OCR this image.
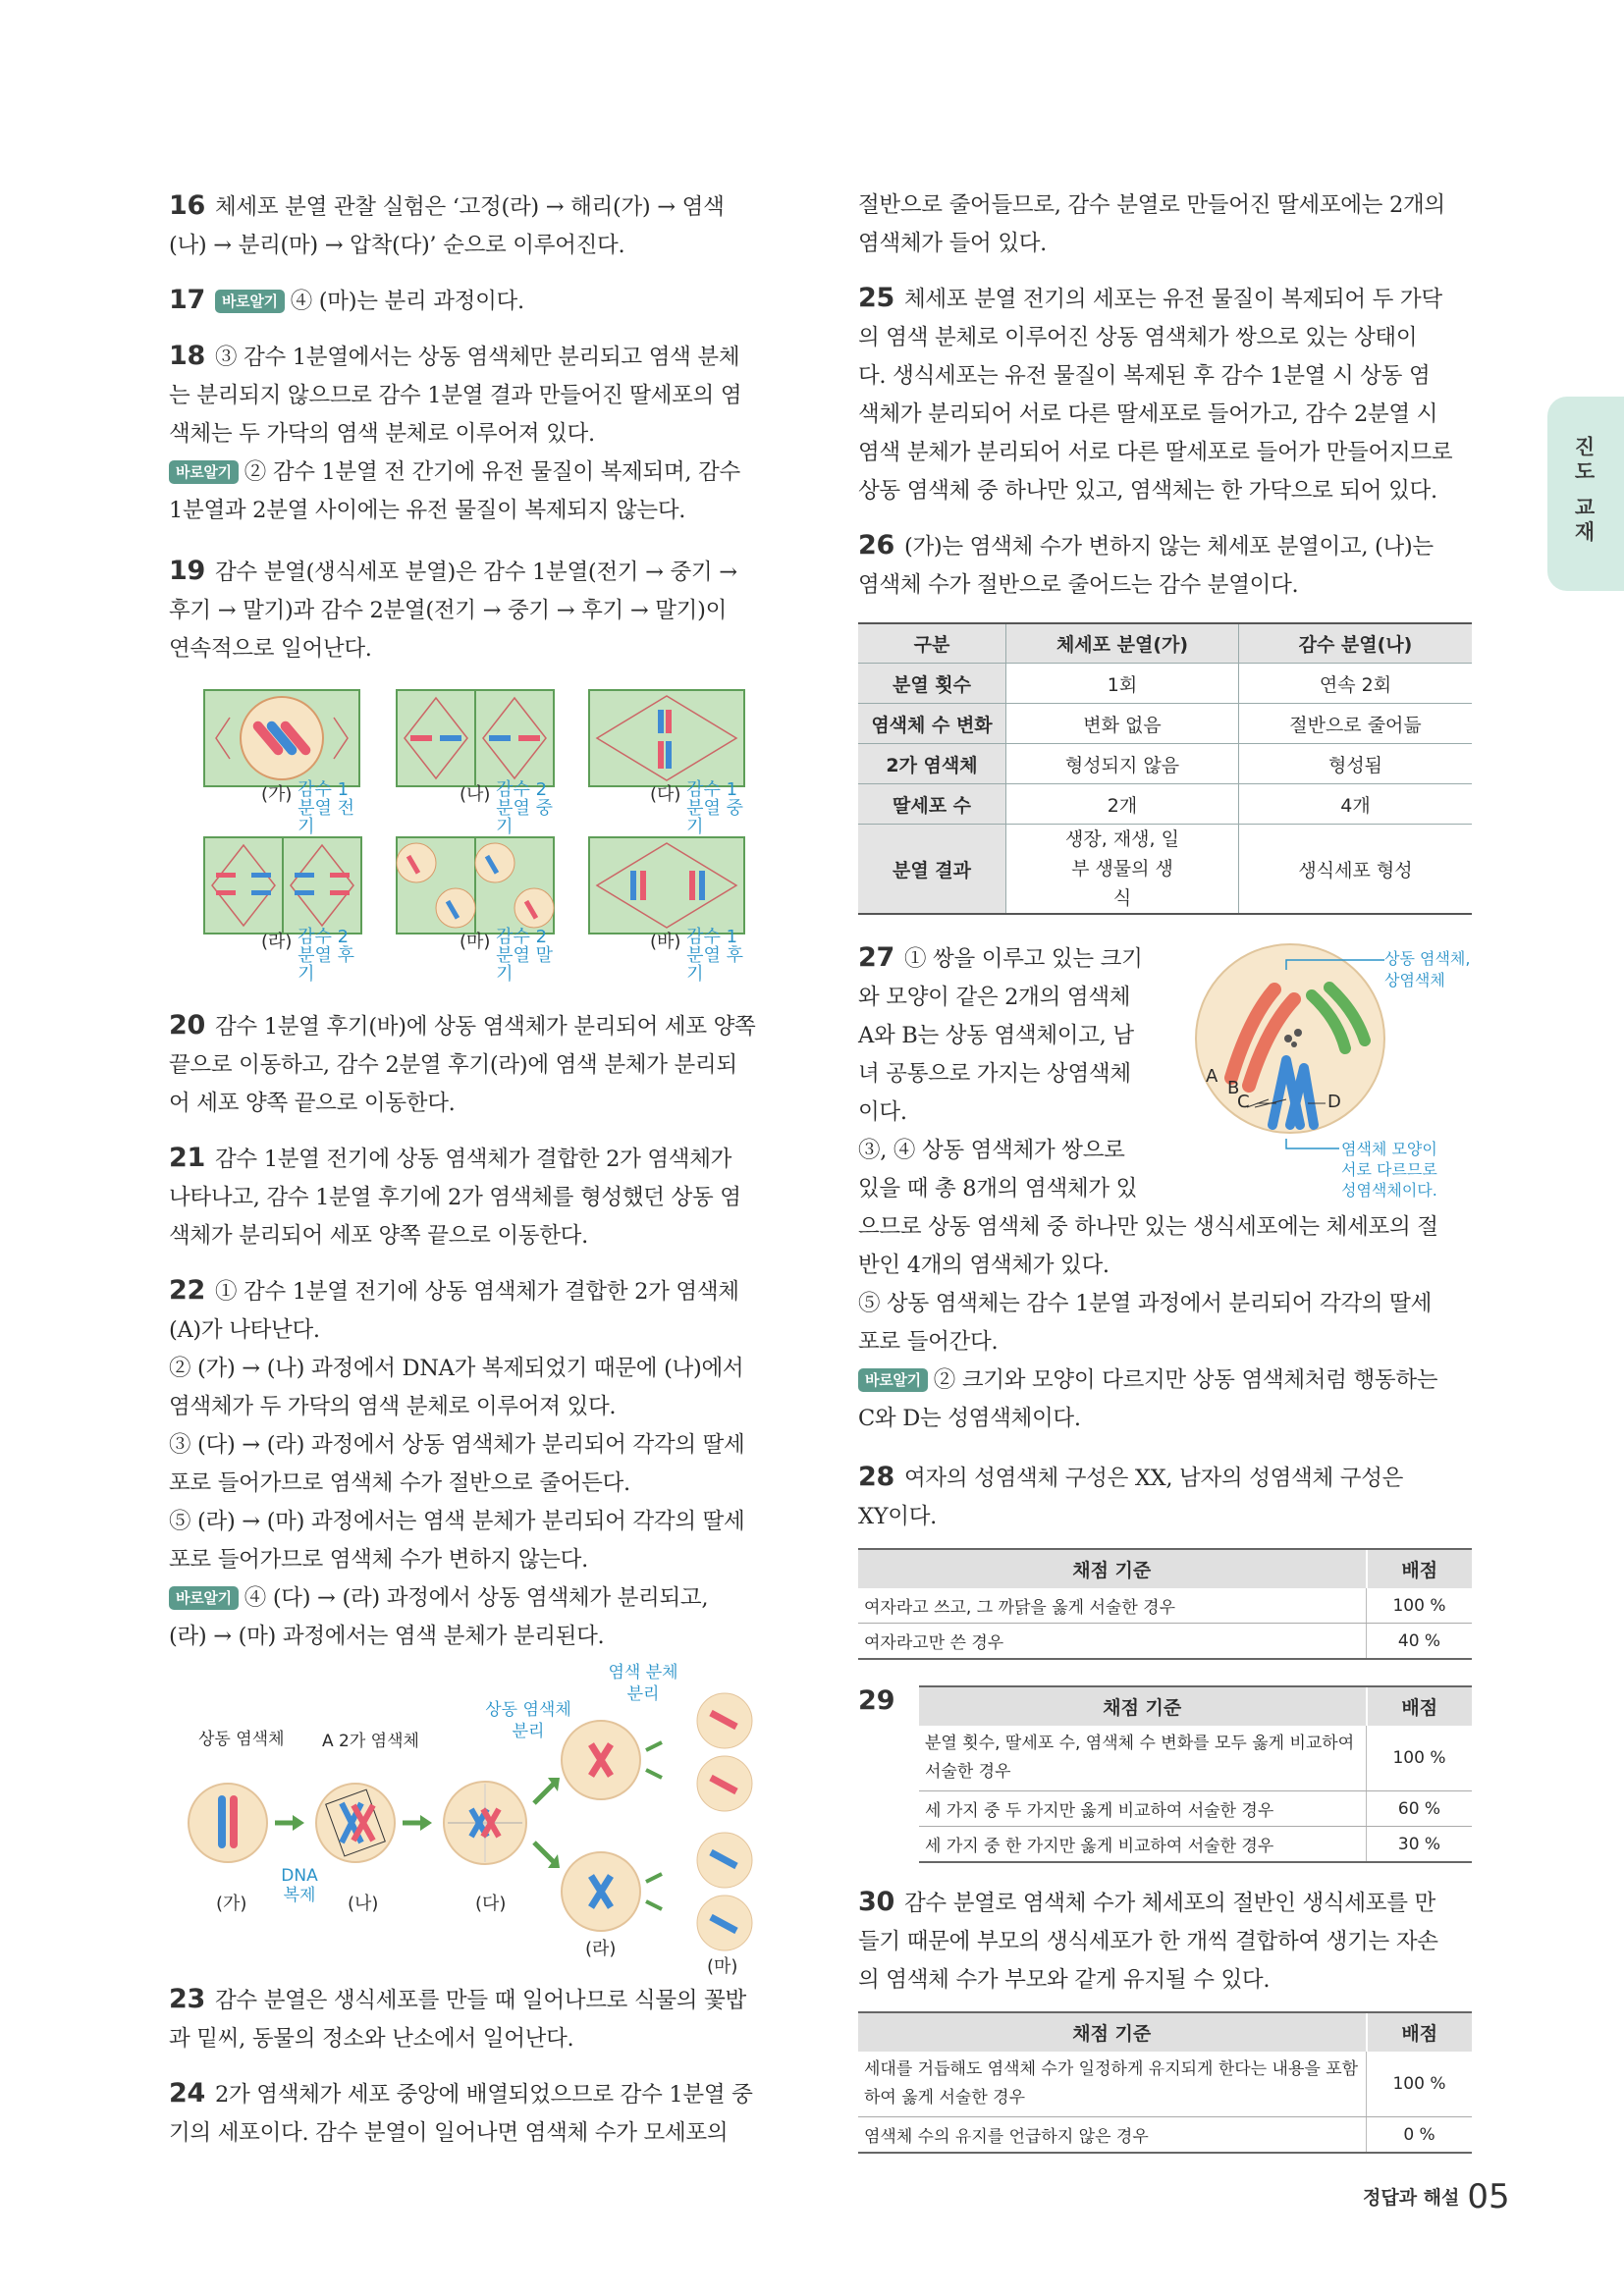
진도 교재

16 체세포 분열 관찰 실험은 ‘고정(라) → 해리(가) → 염색

(나) → 분리(마) → 압착(다)’ 순으로 이루어진다.

17 바로알기 ④ (마)는 분리 과정이다.

18 ③ 감수 1분열에서는 상동 염색체만 분리되고 염색 분체

는 분리되지 않으므로 감수 1분열 결과 만들어진 딸세포의 염

색체는 두 가닥의 염색 분체로 이루어져 있다.

바로알기 ② 감수 1분열 전 간기에 유전 물질이 복제되며, 감수

1분열과 2분열 사이에는 유전 물질이 복제되지 않는다.

19 감수 분열(생식세포 분열)은 감수 1분열(전기 → 중기 →

후기 → 말기)과 감수 2분열(전기 → 중기 → 후기 → 말기)이

연속적으로 일어난다.

(가) 감수 1분열 전기
(나) 감수 2분열 중기
(다) 감수 1분열 중기
(라) 감수 2분열 후기
(마) 감수 2분열 말기
(바) 감수 1분열 후기

20 감수 1분열 후기(바)에 상동 염색체가 분리되어 세포 양쪽

끝으로 이동하고, 감수 2분열 후기(라)에 염색 분체가 분리되

어 세포 양쪽 끝으로 이동한다.

21 감수 1분열 전기에 상동 염색체가 결합한 2가 염색체가

나타나고, 감수 1분열 후기에 2가 염색체를 형성했던 상동 염

색체가 분리되어 세포 양쪽 끝으로 이동한다.

22 ① 감수 1분열 전기에 상동 염색체가 결합한 2가 염색체

(A)가 나타난다.

② (가) → (나) 과정에서 DNA가 복제되었기 때문에 (나)에서

염색체가 두 가닥의 염색 분체로 이루어져 있다.

③ (다) → (라) 과정에서 상동 염색체가 분리되어 각각의 딸세

포로 들어가므로 염색체 수가 절반으로 줄어든다.

⑤ (라) → (마) 과정에서는 염색 분체가 분리되어 각각의 딸세

포로 들어가므로 염색체 수가 변하지 않는다.

바로알기 ④ (다) → (라) 과정에서 상동 염색체가 분리되고,

(라) → (마) 과정에서는 염색 분체가 분리된다.

상동 염색체 A 2가 염색체
DNA 복제
상동 염색체 분리
염색 분체 분리
(가)	(나)	(다)
(라)
(마)

23 감수 분열은 생식세포를 만들 때 일어나므로 식물의 꽃밥

과 밑씨, 동물의 정소와 난소에서 일어난다.

24 2가 염색체가 세포 중앙에 배열되었으므로 감수 1분열 중

기의 세포이다. 감수 분열이 일어나면 염색체 수가 모세포의

절반으로 줄어들므로, 감수 분열로 만들어진 딸세포에는 2개의

염색체가 들어 있다.

25 체세포 분열 전기의 세포는 유전 물질이 복제되어 두 가닥

의 염색 분체로 이루어진 상동 염색체가 쌍으로 있는 상태이

다. 생식세포는 유전 물질이 복제된 후 감수 1분열 시 상동 염

색체가 분리되어 서로 다른 딸세포로 들어가고, 감수 2분열 시

염색 분체가 분리되어 서로 다른 딸세포로 들어가 만들어지므로

상동 염색체 중 하나만 있고, 염색체는 한 가닥으로 되어 있다.

26 (가)는 염색체 수가 변하지 않는 체세포 분열이고, (나)는

염색체 수가 절반으로 줄어드는 감수 분열이다.

구분	체세포 분열(가)	감수 분열(나)
분열 횟수	1회	연속 2회
염색체 수 변화	변화 없음	절반으로 줄어듦
2가 염색체	형성되지 않음	형성됨
딸세포 수	2개	4개
분열 결과	생장, 재생, 일부 생물의 생식	생식세포 형성

27 ① 쌍을 이루고 있는 크기

와 모양이 같은 2개의 염색체

A와 B는 상동 염색체이고, 남

녀 공통으로 가지는 상염색체

이다.

③, ④ 상동 염색체가 쌍으로

있을 때 총 8개의 염색체가 있

으므로 상동 염색체 중 하나만 있는 생식세포에는 체세포의 절

반인 4개의 염색체가 있다.

⑤ 상동 염색체는 감수 1분열 과정에서 분리되어 각각의 딸세

포로 들어간다.

바로알기 ② 크기와 모양이 다르지만 상동 염색체처럼 행동하는

C와 D는 성염색체이다.

A
B
C	D
상동 염색체,
상염색체
염색체 모양이
서로 다르므로
성염색체이다.

28 여자의 성염색체 구성은 XX, 남자의 성염색체 구성은

XY이다.

채점 기준	배점
여자라고 쓰고, 그 까닭을 옳게 서술한 경우	100 %
여자라고만 쓴 경우	40 %
29	채점 기준	배점
분열 횟수, 딸세포 수, 염색체 수 변화를 모두 옳게 비교하여 서술한 경우	100 %
세 가지 중 두 가지만 옳게 비교하여 서술한 경우	60 %
세 가지 중 한 가지만 옳게 비교하여 서술한 경우	30 %

30 감수 분열로 염색체 수가 체세포의 절반인 생식세포를 만

들기 때문에 부모의 생식세포가 한 개씩 결합하여 생기는 자손

의 염색체 수가 부모와 같게 유지될 수 있다.

채점 기준	배점
세대를 거듭해도 염색체 수가 일정하게 유지되게 한다는 내용을 포함하여 옳게 서술한 경우	100 %
염색체 수의 유지를 언급하지 않은 경우	0 %
정답과 해설 05
